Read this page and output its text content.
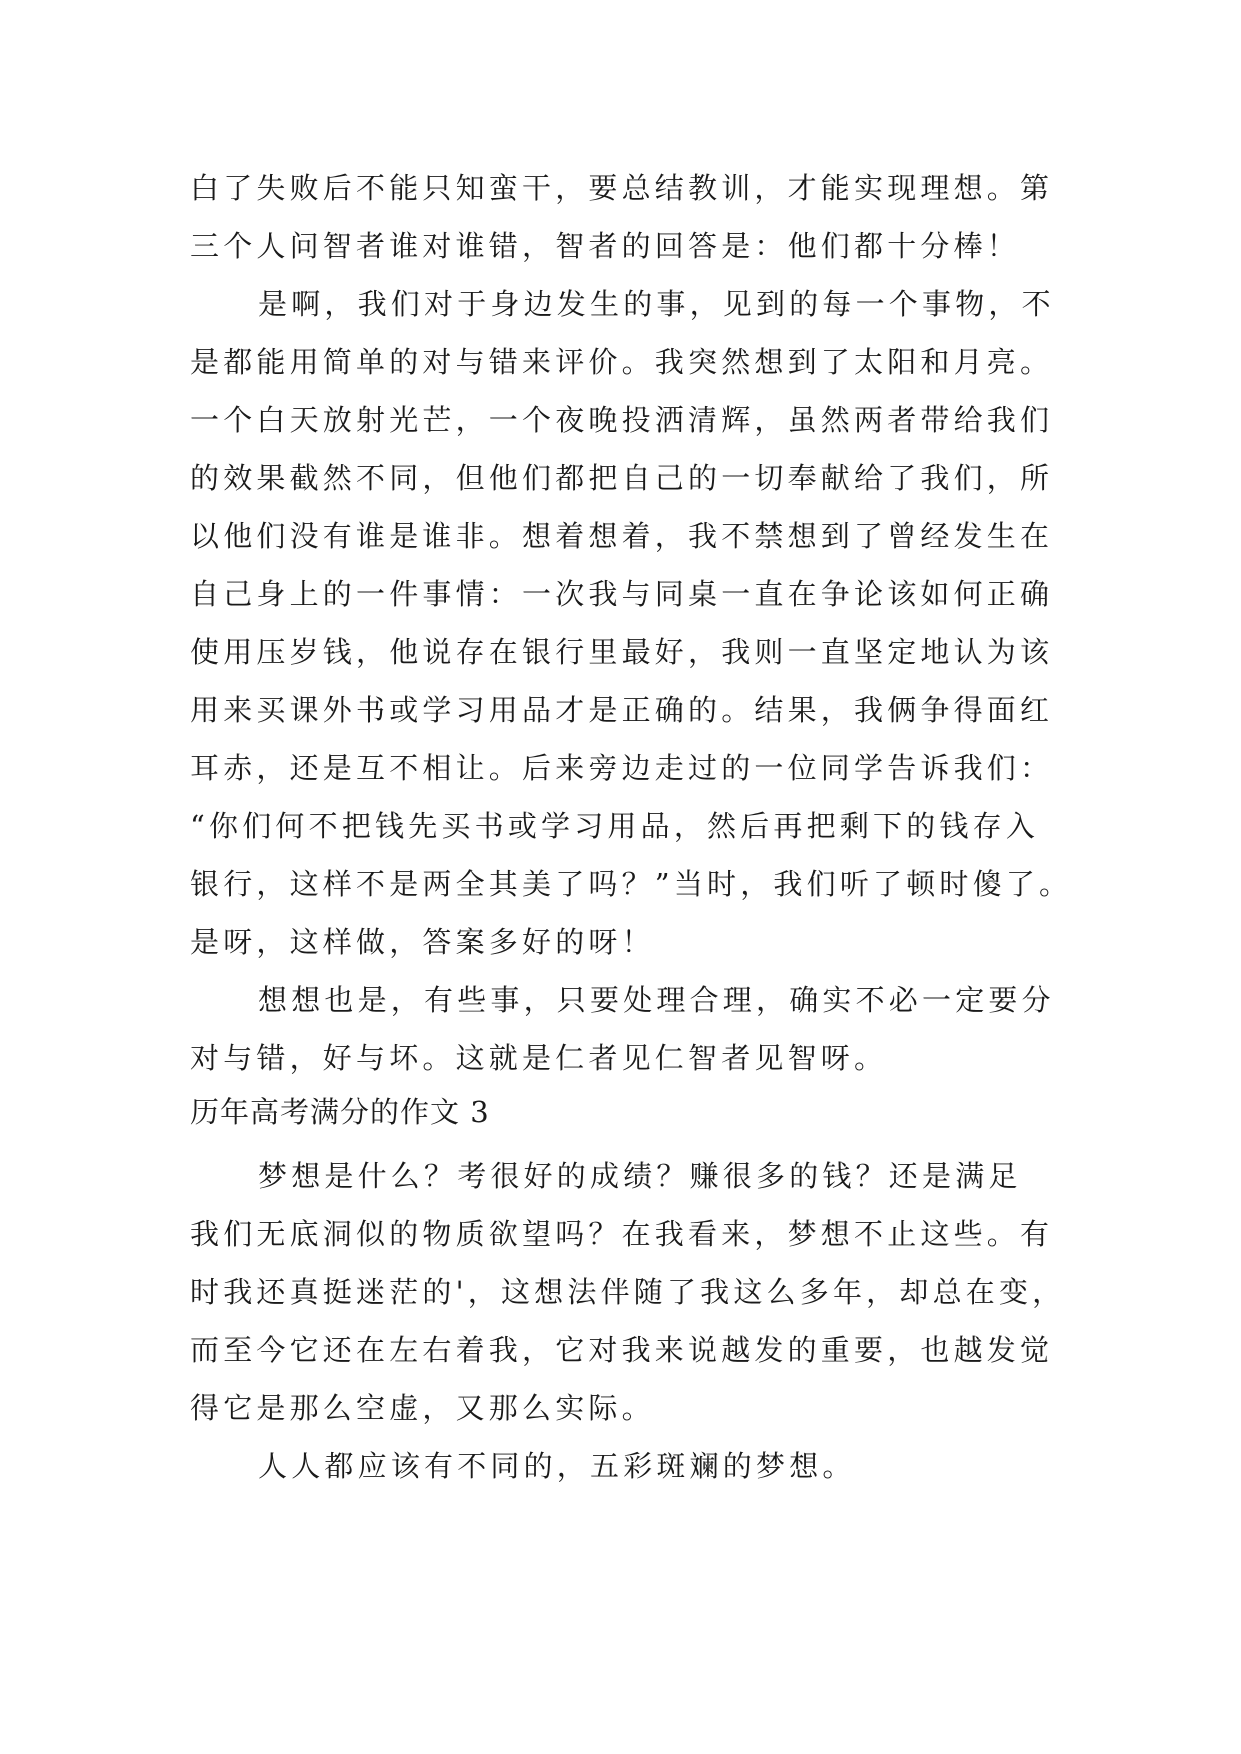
白了失败后不能只知蛮干，要总结教训，才能实现理想。第
三个人问智者谁对谁错，智者的回答是：他们都十分棒！
是啊，我们对于身边发生的事，见到的每一个事物，不
是都能用简单的对与错来评价。我突然想到了太阳和月亮。
一个白天放射光芒，一个夜晚投洒清辉，虽然两者带给我们
的效果截然不同，但他们都把自己的一切奉献给了我们，所
以他们没有谁是谁非。想着想着，我不禁想到了曾经发生在
自己身上的一件事情：一次我与同桌一直在争论该如何正确
使用压岁钱，他说存在银行里最好，我则一直坚定地认为该
用来买课外书或学习用品才是正确的。结果，我俩争得面红
耳赤，还是互不相让。后来旁边走过的一位同学告诉我们：
“你们何不把钱先买书或学习用品，然后再把剩下的钱存入
银行，这样不是两全其美了吗？”当时，我们听了顿时傻了。
是呀，这样做，答案多好的呀！
想想也是，有些事，只要处理合理，确实不必一定要分
对与错，好与坏。这就是仁者见仁智者见智呀。
历年高考满分的作文 3
梦想是什么？考很好的成绩？赚很多的钱？还是满足
我们无底洞似的物质欲望吗？在我看来，梦想不止这些。有
时我还真挺迷茫的'，这想法伴随了我这么多年，却总在变，
而至今它还在左右着我，它对我来说越发的重要，也越发觉
得它是那么空虚，又那么实际。
人人都应该有不同的，五彩斑斓的梦想。
